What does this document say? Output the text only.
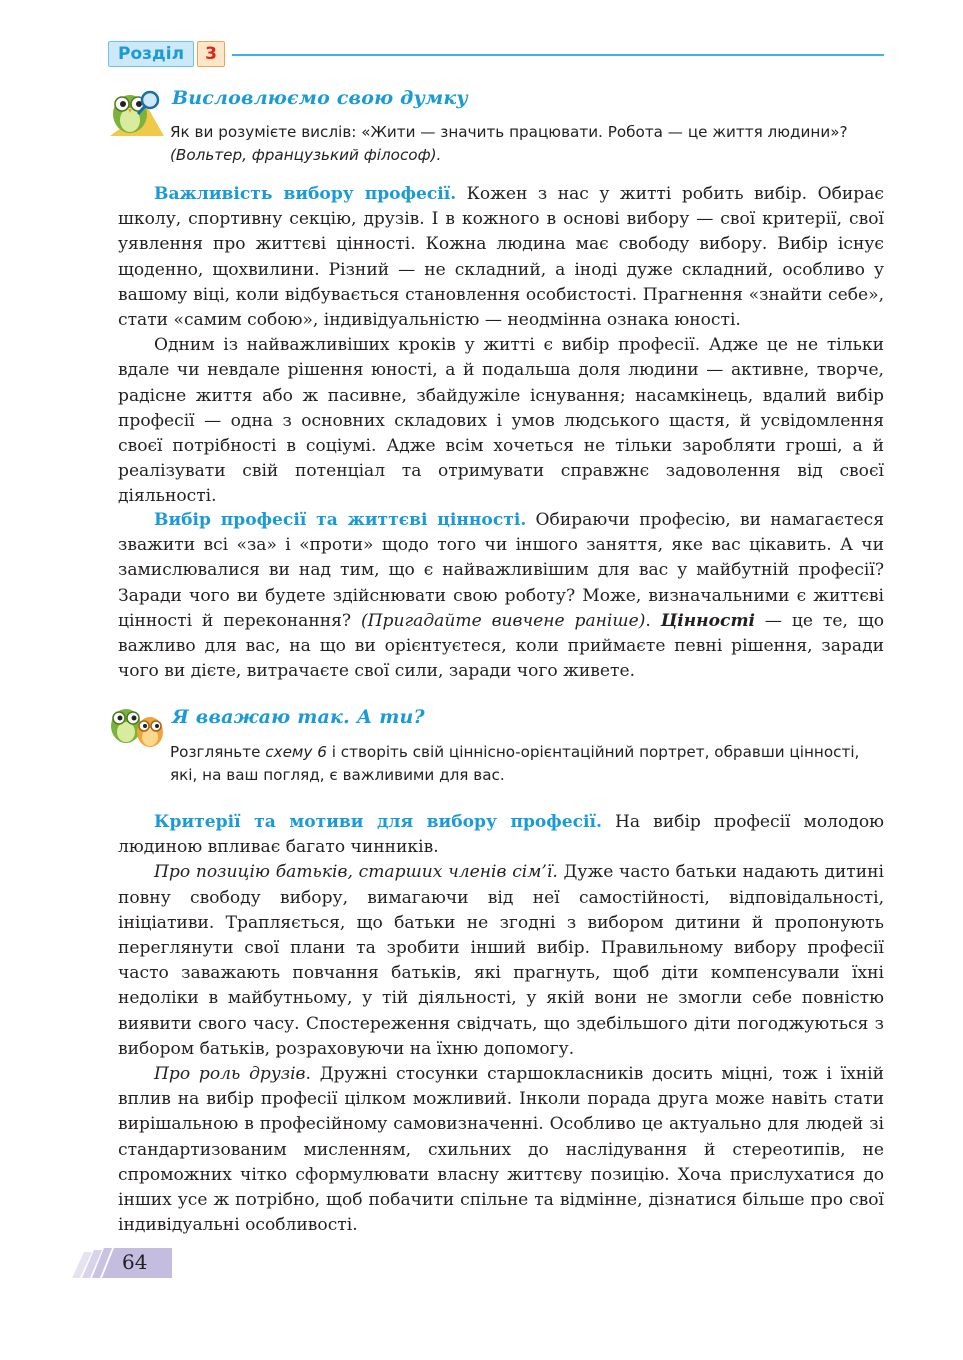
Розділ	3
Висловлюємо свою думку
Як ви розумієте вислів: «Жити — значить працювати. Робота — це життя людини»?
(Вольтер, французький філософ).

Важливість вибору професії. Кожен з нас у житті робить вибір. Обирає школу, спортивну секцію, друзів. І в кожного в основі вибору — свої критерії, свої уявлення про життєві цінності. Кожна людина має свободу вибору. Вибір існує щоденно, щохвилини. Різний — не складний, а іноді дуже складний, особливо у вашому віці, коли відбувається становлення особистості. Прагнення «знайти себе», стати «самим собою», індивідуальністю — неодмінна ознака юності.

Одним із найважливіших кроків у житті є вибір професії. Адже це не тільки вдале чи невдале рішення юності, а й подальша доля людини — активне, творче, радісне життя або ж пасивне, збайдужіле існування; насамкінець, вдалий вибір професії — одна з основних складових і умов людського щастя, й усвідомлення своєї потрібності в соціумі. Адже всім хочеться не тільки заробляти гроші, а й реалізувати свій потенціал та отримувати справжнє задоволення від своєї діяльності.

Вибір професії та життєві цінності. Обираючи професію, ви намагаєтеся зважити всі «за» і «проти» щодо того чи іншого заняття, яке вас цікавить. А чи замислювалися ви над тим, що є найважливішим для вас у майбутній професії? Заради чого ви будете здійснювати свою роботу? Може, визначальними є життєві цінності й переконання? (Пригадайте вивчене раніше). Цінності — це те, що важливо для вас, на що ви орієнтуєтеся, коли приймаєте певні рішення, заради чого ви дієте, витрачаєте свої сили, заради чого живете.

Я вважаю так. А ти?
Розгляньте схему 6 і створіть свій ціннісно-орієнтаційний портрет, обравши цінності, які, на ваш погляд, є важливими для вас.

Критерії та мотиви для вибору професії. На вибір професії молодою людиною впливає багато чинників.

Про позицію батьків, старших членів сім’ї. Дуже часто батьки надають дитині повну свободу вибору, вимагаючи від неї самостійності, відповідальності, ініціативи. Трапляється, що батьки не згодні з вибором дитини й пропонують переглянути свої плани та зробити інший вибір. Правильному вибору професії часто заважають повчання батьків, які прагнуть, щоб діти компенсували їхні недоліки в майбутньому, у тій діяльності, у якій вони не змогли себе повністю виявити свого часу. Спостереження свідчать, що здебільшого діти погоджуються з вибором батьків, розраховуючи на їхню допомогу.

Про роль друзів. Дружні стосунки старшокласників досить міцні, тож і їхній вплив на вибір професії цілком можливий. Інколи порада друга може навіть стати вирішальною в професійному самовизначенні. Особливо це актуально для людей зі стандартизованим мисленням, схильних до наслідування й стереотипів, не спроможних чітко сформулювати власну життєву позицію. Хоча прислухатися до інших усе ж потрібно, щоб побачити спільне та відмінне, дізнатися більше про свої індивідуальні особливості.

64
